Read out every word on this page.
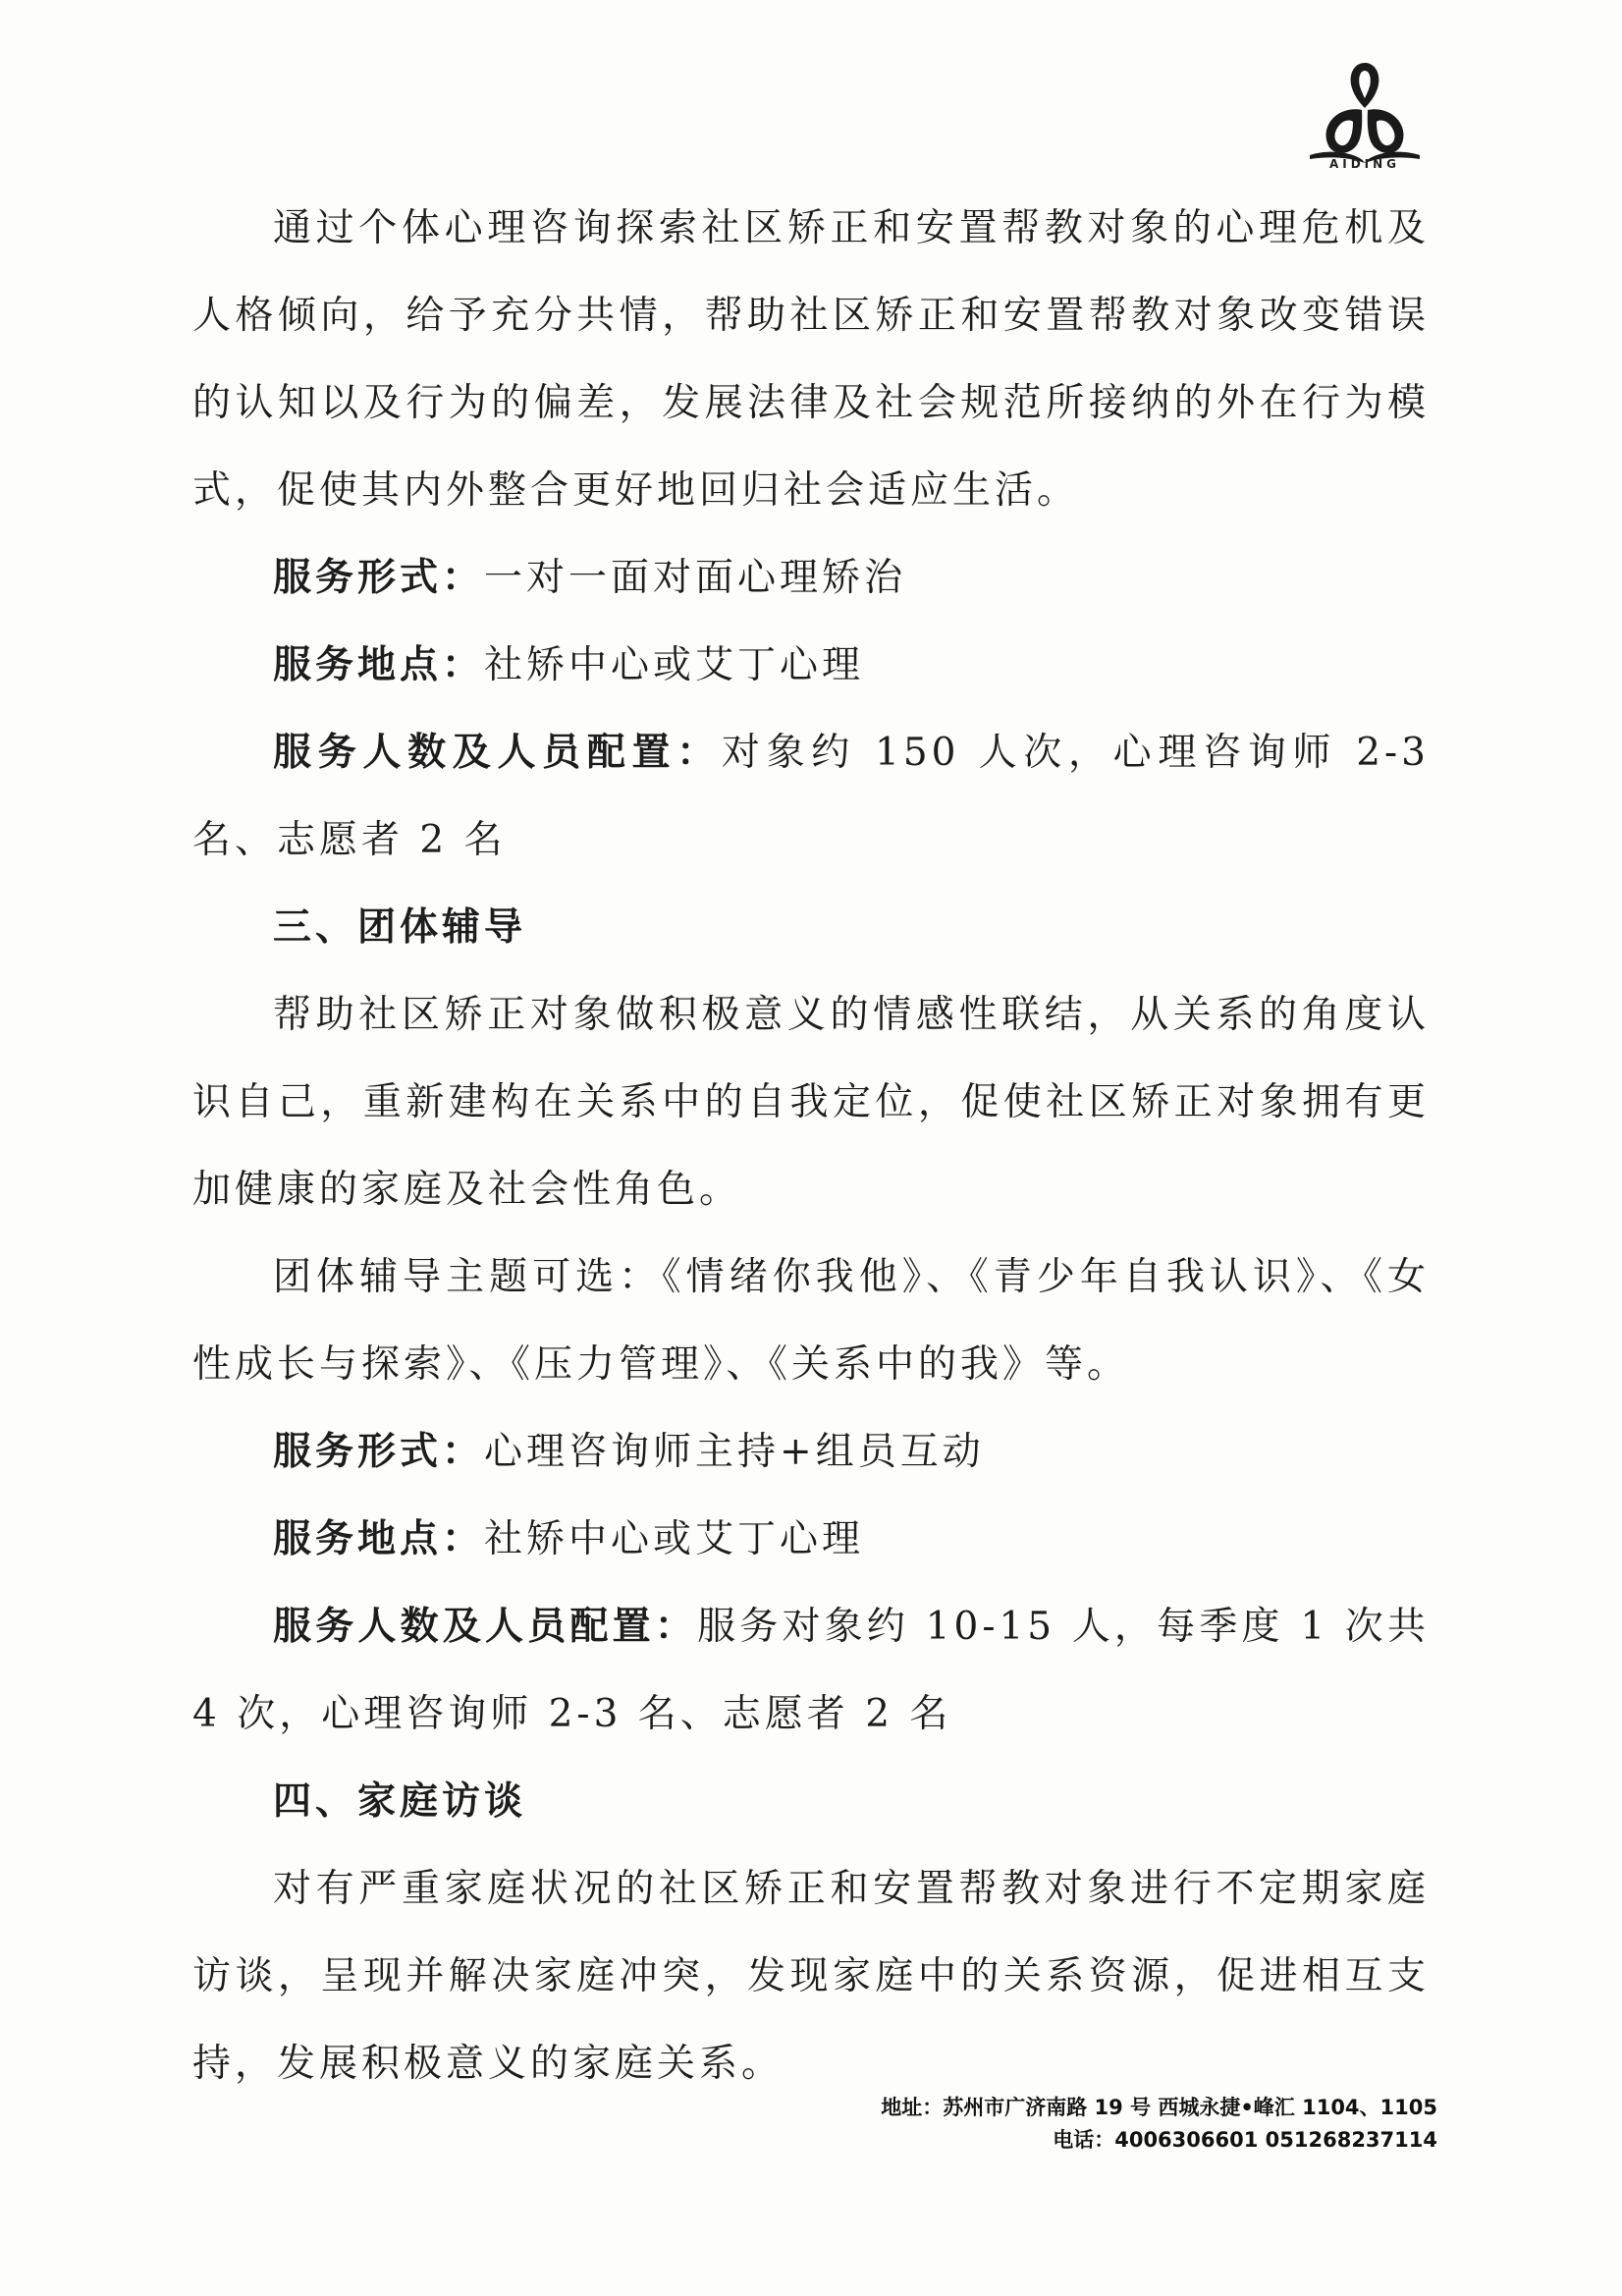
AIDING

通过个体心理咨询探索社区矫正和安置帮教对象的心理危机及人格倾向，给予充分共情，帮助社区矫正和安置帮教对象改变错误的认知以及行为的偏差，发展法律及社会规范所接纳的外在行为模式，促使其内外整合更好地回归社会适应生活。

服务形式：一对一面对面心理矫治

服务地点：社矫中心或艾丁心理

服务人数及人员配置：对象约 150 人次，心理咨询师 2-3 名、志愿者 2 名

三、团体辅导

帮助社区矫正对象做积极意义的情感性联结，从关系的角度认识自己，重新建构在关系中的自我定位，促使社区矫正对象拥有更加健康的家庭及社会性角色。

团体辅导主题可选：《情绪你我他》、《青少年自我认识》、《女性成长与探索》、《压力管理》、《关系中的我》等。

服务形式：心理咨询师主持+组员互动

服务地点：社矫中心或艾丁心理

服务人数及人员配置：服务对象约 10-15 人，每季度 1 次共 4 次，心理咨询师 2-3 名、志愿者 2 名

四、家庭访谈

对有严重家庭状况的社区矫正和安置帮教对象进行不定期家庭访谈，呈现并解决家庭冲突，发现家庭中的关系资源，促进相互支持，发展积极意义的家庭关系。

地址：苏州市广济南路 19 号 西城永捷•峰汇 1104、1105
电话：4006306601 051268237114
